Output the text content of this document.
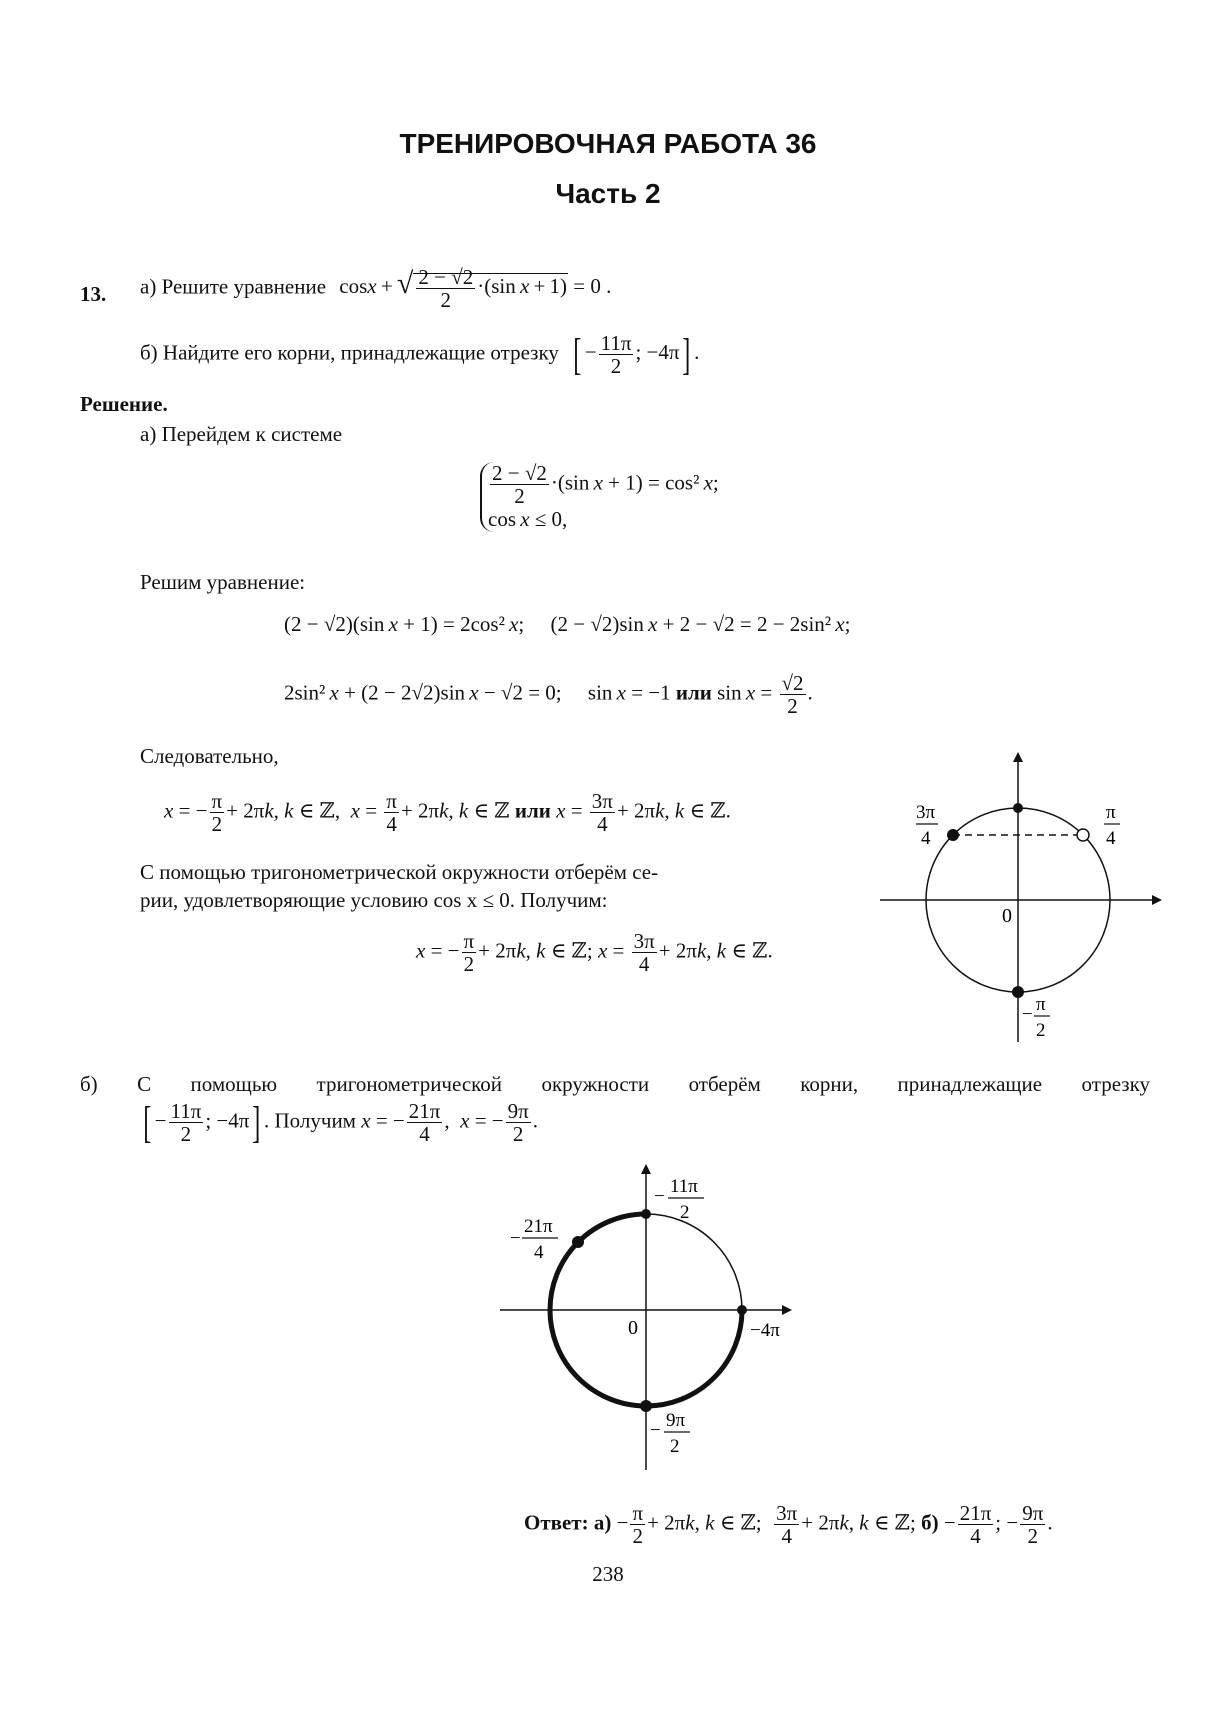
ТРЕНИРОВОЧНАЯ РАБОТА 36
Часть 2
13. а) Решите уравнение cosx + √ $\frac{2 - √2}{2} \cdot(\sin$ x + 1) = 0 .
б) Найдите его корни, принадлежащие отрезку [ − $\frac{11\pi}{2}$ ; −4π] .
Решение.
а) Перейдем к системе
$\frac{2 - √2}{2} \cdot(\sin$ x + 1) = cos² x;
cos x ≤ 0,
Решим уравнение:
(2 − √2)(sin x + 1) = 2cos² x;     (2 − √2)sin x + 2 − √2 = 2 − 2sin² x;
2sin² x + (2 − 2√2)sin x − √2 = 0;     sin x = −1 или $\sin x = \frac{√2}{2}$ .
Следовательно,
x = − $\frac{\pi}{2} + 2\pi k$, k ∈ ℤ,  $x = \frac{\pi}{4} + 2\pi k$, k ∈ ℤ или $x = \frac{3\pi}{4} + 2\pi k$, k ∈ ℤ.
С помощью тригонометрической окружности отберём се-
рии, удовлетворяющие условию cos x ≤ 0. Получим:
x = − $\frac{\pi}{2} + 2\pi k$, k ∈ ℤ; $x = \frac{3\pi}{4} + 2\pi k$, k ∈ ℤ.
0
3π
4
π
4
− π
2
б) С помощью тригонометрической окружности отберём корни, принадлежащие отрезку
[ − $\frac{11\pi}{2}$ ; −4π] . Получим x = − $\frac{21\pi}{4}$ ,  x = − $\frac{9\pi}{2}$ .
0
− 11π
2
−
21π
4
−4π
− 9π
2
Ответ: $а) - \frac{\pi}{2} + 2\pi k$, k ∈ ℤ; $\frac{3\pi}{4} + 2\pi k$, k ∈ ℤ; $б) - \frac{21\pi}{4}$ ; − $\frac{9\pi}{2}$ .
238
